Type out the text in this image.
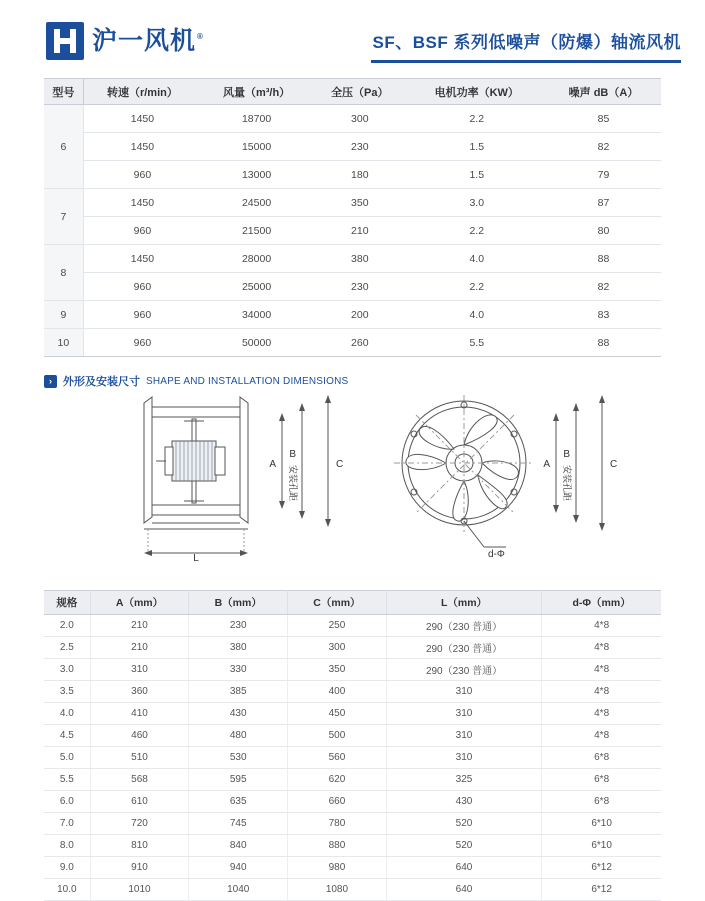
沪一风机®	SF、BSF 系列低噪声（防爆）轴流风机
型号	转速（r/min）	风量（m³/h）	全压（Pa）	电机功率（KW）	噪声 dB（A）
6	1450	18700	300	2.2	85
	1450	15000	230	1.5	82
	960	13000	180	1.5	79
7	1450	24500	350	3.0	87
	960	21500	210	2.2	80
8	1450	28000	380	4.0	88
	960	25000	230	2.2	82
9	960	34000	200	4.0	83
10	960	50000	260	5.5	88
›	外形及安装尺寸 SHAPE AND INSTALLATION DIMENSIONS
A
B
安装孔距
C
L
A
B
安装孔距
C
d-Φ
规格	A（mm）	B（mm）	C（mm）	L（mm）	d-Φ（mm）
2.0	210	230	250	290（230 普通）	4*8
2.5	210	380	300	290（230 普通）	4*8
3.0	310	330	350	290（230 普通）	4*8
3.5	360	385	400	310	4*8
4.0	410	430	450	310	4*8
4.5	460	480	500	310	4*8
5.0	510	530	560	310	6*8
5.5	568	595	620	325	6*8
6.0	610	635	660	430	6*8
7.0	720	745	780	520	6*10
8.0	810	840	880	520	6*10
9.0	910	940	980	640	6*12
10.0	1010	1040	1080	640	6*12
